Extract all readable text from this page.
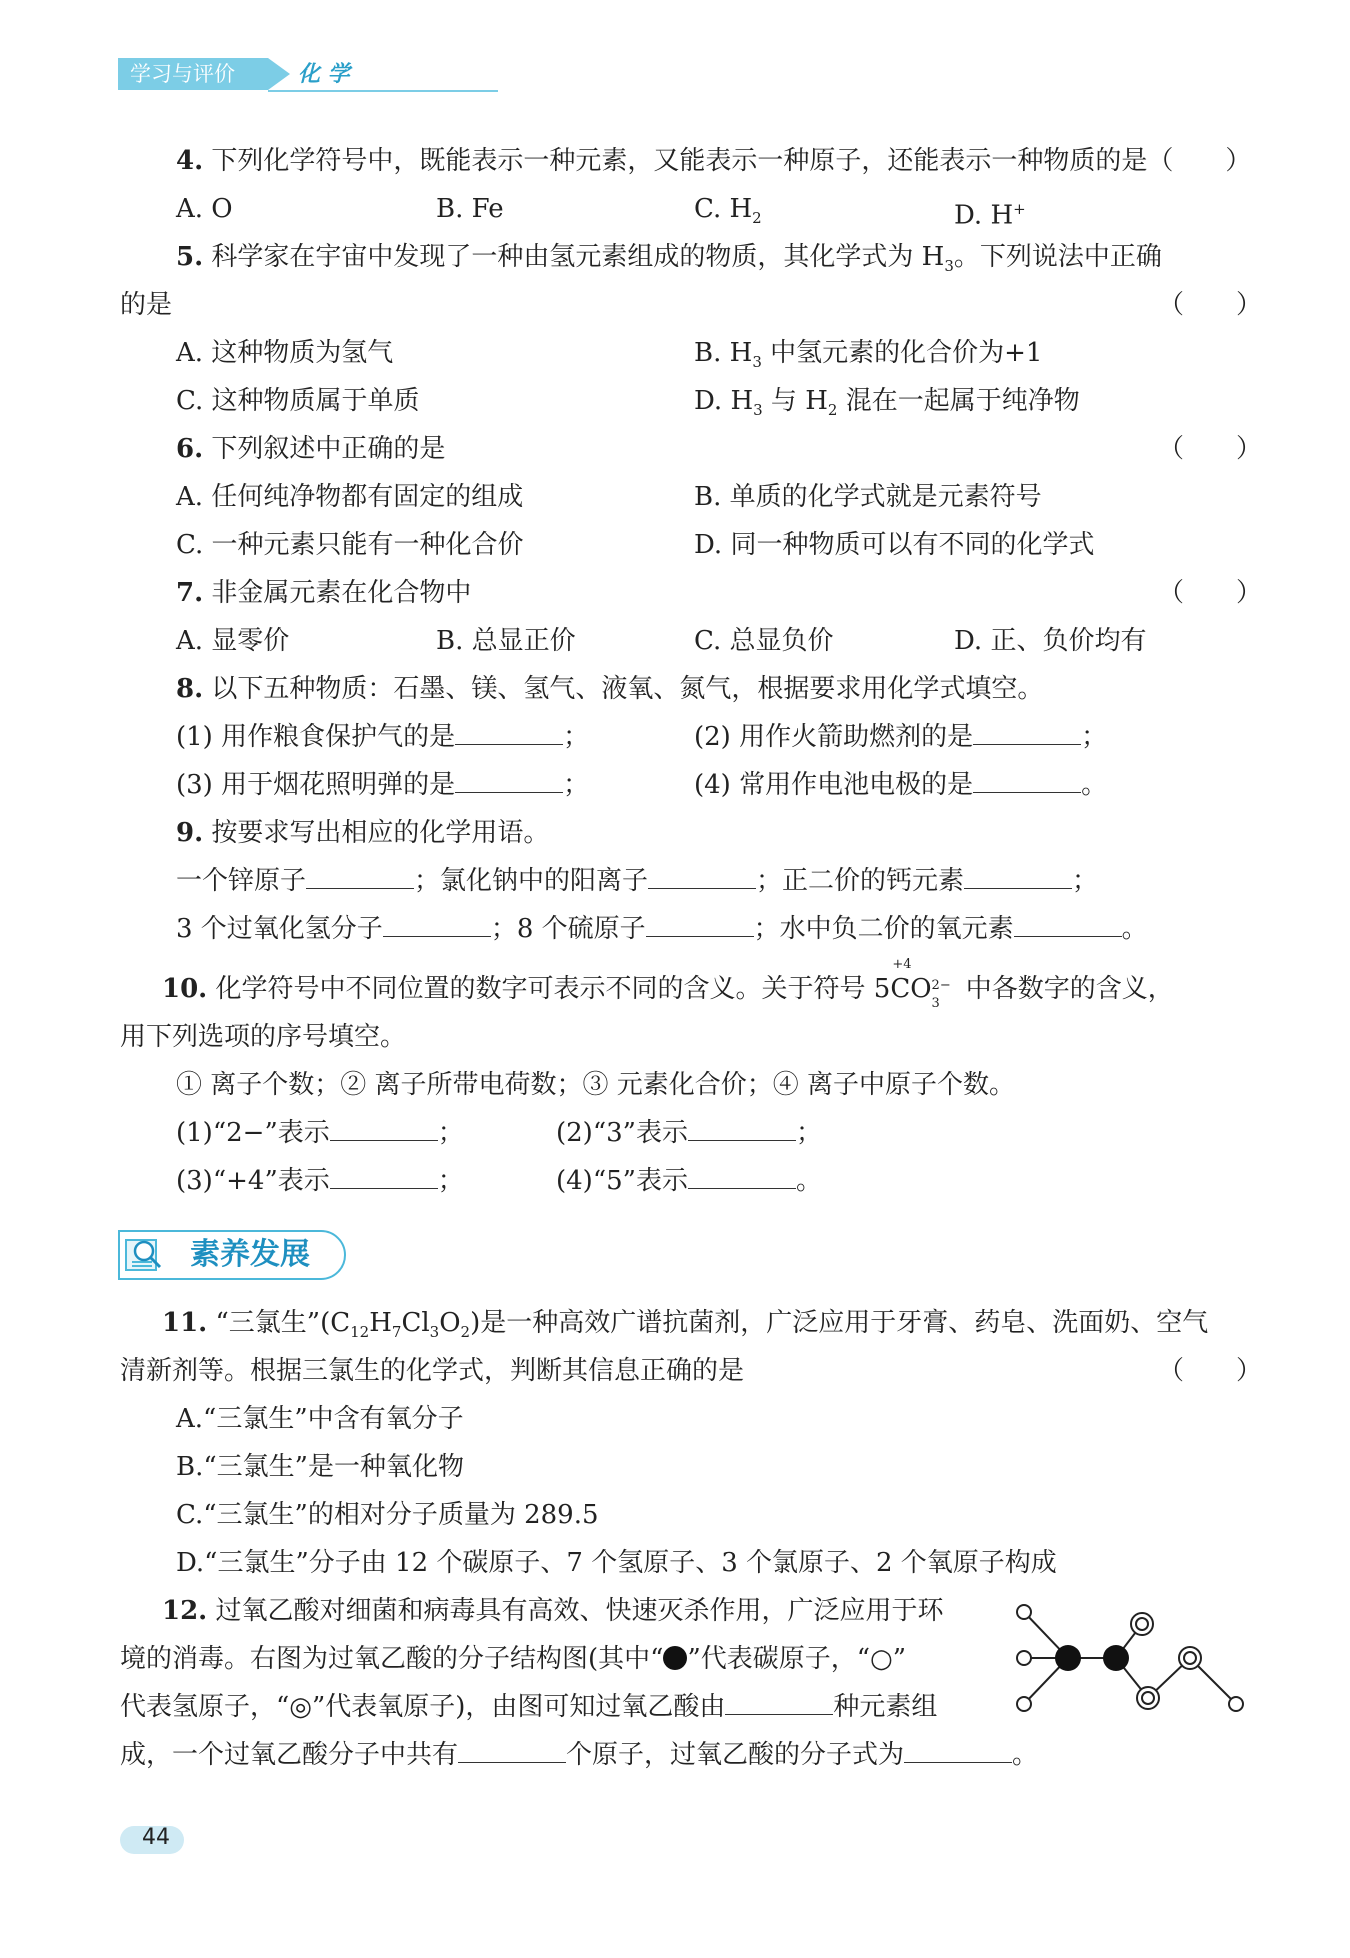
学习与评价	化 学
4. 下列化学符号中，既能表示一种元素，又能表示一种原子，还能表示一种物质的是（　　）
A. O	B. Fe	C. $H_2$	D. H+
5. 科学家在宇宙中发现了一种由氢元素组成的物质，其化学式为 $H_3$。下列说法中正确
的是	（　　）
A. 这种物质为氢气	B. $H_3$ 中氢元素的化合价为+1
C. 这种物质属于单质	D. $H_3$ 与 $H_2$ 混在一起属于纯净物
6. 下列叙述中正确的是	（　　）
A. 任何纯净物都有固定的组成	B. 单质的化学式就是元素符号
C. 一种元素只能有一种化合价	D. 同一种物质可以有不同的化学式
7. 非金属元素在化合物中	（　　）
A. 显零价	B. 总显正价	C. 总显负价	D. 正、负价均有
8. 以下五种物质：石墨、镁、氢气、液氧、氮气，根据要求用化学式填空。
(1) 用作粮食保护气的是	；	(2) 用作火箭助燃剂的是	；
(3) 用于烟花照明弹的是	；	(4) 常用作电池电极的是	。
9. 按要求写出相应的化学用语。
一个锌原子	；氯化钠中的阳离子	；正二价的钙元素	；
3 个过氧化氢分子	；8 个硫原子	；水中负二价的氧元素	。
10. 化学符号中不同位置的数字可表示不同的含义。关于符号 5
+4
CO 2−
3 中各数字的含义，
用下列选项的序号填空。
① 离子个数；② 离子所带电荷数；③ 元素化合价；④ 离子中原子个数。
(1)“2−”表示	；	(2)“3”表示	；
(3)“+4”表示	；	(4)“5”表示	。
素养发展
11. “三氯生$”(C_{12}H_7Cl_3O_2)$是一种高效广谱抗菌剂，广泛应用于牙膏、药皂、洗面奶、空气
清新剂等。根据三氯生的化学式，判断其信息正确的是	（　　）
A.“三氯生”中含有氧分子
B.“三氯生”是一种氧化物
C.“三氯生”的相对分子质量为 289.5
D.“三氯生”分子由 12 个碳原子、7 个氢原子、3 个氯原子、2 个氧原子构成
12. 过氧乙酸对细菌和病毒具有高效、快速灭杀作用，广泛应用于环
境的消毒。右图为过氧乙酸的分子结构图(其中“ ”代表碳原子，“○”
代表氢原子，“◎”代表氧原子)，由图可知过氧乙酸由	种元素组
成，一个过氧乙酸分子中共有	个原子，过氧乙酸的分子式为	。
44
